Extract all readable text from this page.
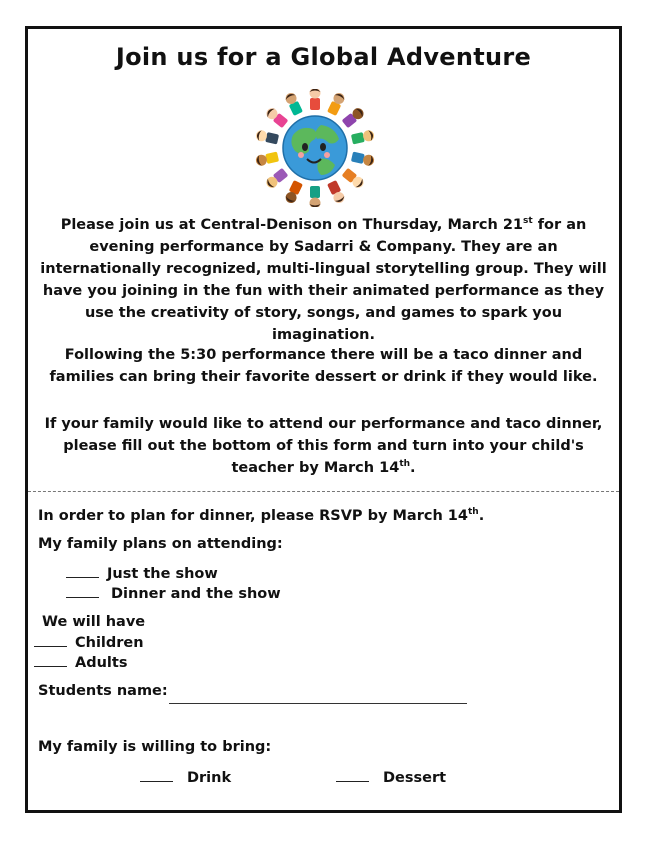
Join us for a Global Adventure
Please join us at Central-Denison on Thursday, March 21st for an evening performance by Sadarri & Company. They are an internationally recognized, multi-lingual storytelling group. They will have you joining in the fun with their animated performance as they use the creativity of story, songs, and games to spark you imagination.
Following the 5:30 performance there will be a taco dinner and families can bring their favorite dessert or drink if they would like.
If your family would like to attend our performance and taco dinner, please fill out the bottom of this form and turn into your child's teacher by March 14th.
In order to plan for dinner, please RSVP by March 14th.
My family plans on attending:
Just the show
Dinner and the show
We will have
Children
Adults
Students name:
My family is willing to bring:
Drink	Dessert
